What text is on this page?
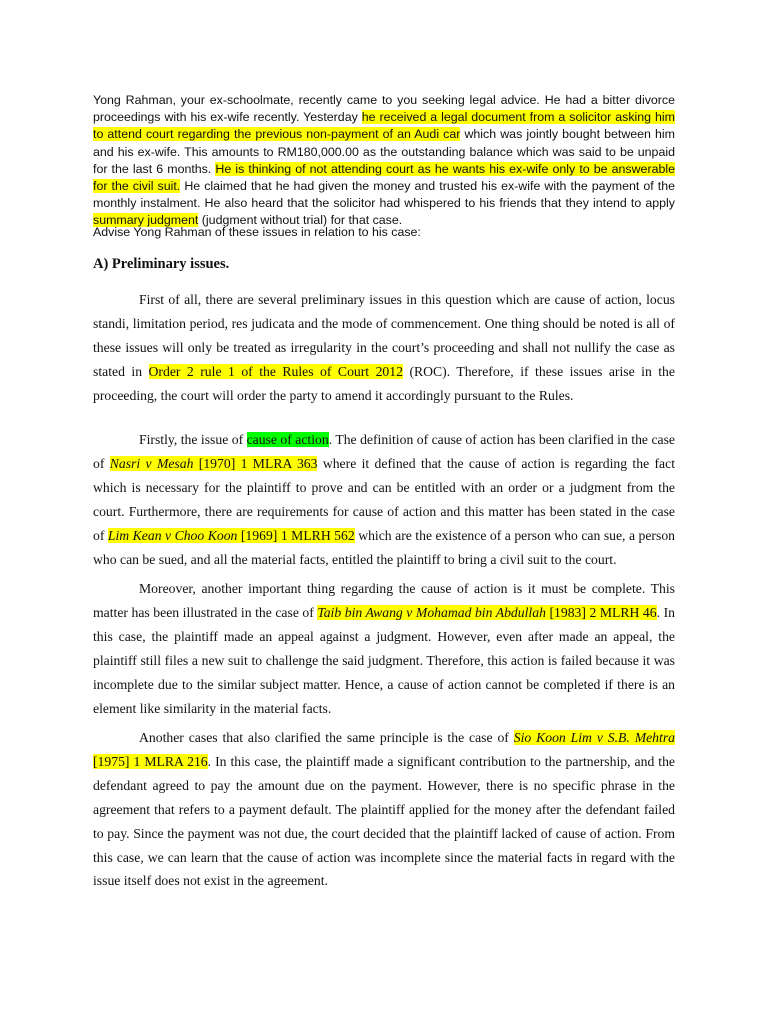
Yong Rahman, your ex-schoolmate, recently came to you seeking legal advice. He had a bitter divorce proceedings with his ex-wife recently. Yesterday he received a legal document from a solicitor asking him to attend court regarding the previous non-payment of an Audi car which was jointly bought between him and his ex-wife. This amounts to RM180,000.00 as the outstanding balance which was said to be unpaid for the last 6 months. He is thinking of not attending court as he wants his ex-wife only to be answerable for the civil suit. He claimed that he had given the money and trusted his ex-wife with the payment of the monthly instalment. He also heard that the solicitor had whispered to his friends that they intend to apply summary judgment (judgment without trial) for that case.

Advise Yong Rahman of these issues in relation to his case:

A) Preliminary issues.

First of all, there are several preliminary issues in this question which are cause of action, locus standi, limitation period, res judicata and the mode of commencement. One thing should be noted is all of these issues will only be treated as irregularity in the court’s proceeding and shall not nullify the case as stated in Order 2 rule 1 of the Rules of Court 2012 (ROC). Therefore, if these issues arise in the proceeding, the court will order the party to amend it accordingly pursuant to the Rules.

Firstly, the issue of cause of action. The definition of cause of action has been clarified in the case of Nasri v Mesah [1970] 1 MLRA 363 where it defined that the cause of action is regarding the fact which is necessary for the plaintiff to prove and can be entitled with an order or a judgment from the court. Furthermore, there are requirements for cause of action and this matter has been stated in the case of Lim Kean v Choo Koon [1969] 1 MLRH 562 which are the existence of a person who can sue, a person who can be sued, and all the material facts, entitled the plaintiff to bring a civil suit to the court.

Moreover, another important thing regarding the cause of action is it must be complete. This matter has been illustrated in the case of Taib bin Awang v Mohamad bin Abdullah [1983] 2 MLRH 46. In this case, the plaintiff made an appeal against a judgment. However, even after made an appeal, the plaintiff still files a new suit to challenge the said judgment. Therefore, this action is failed because it was incomplete due to the similar subject matter. Hence, a cause of action cannot be completed if there is an element like similarity in the material facts.

Another cases that also clarified the same principle is the case of Sio Koon Lim v S.B. Mehtra [1975] 1 MLRA 216. In this case, the plaintiff made a significant contribution to the partnership, and the defendant agreed to pay the amount due on the payment. However, there is no specific phrase in the agreement that refers to a payment default. The plaintiff applied for the money after the defendant failed to pay. Since the payment was not due, the court decided that the plaintiff lacked of cause of action. From this case, we can learn that the cause of action was incomplete since the material facts in regard with the issue itself does not exist in the agreement.
